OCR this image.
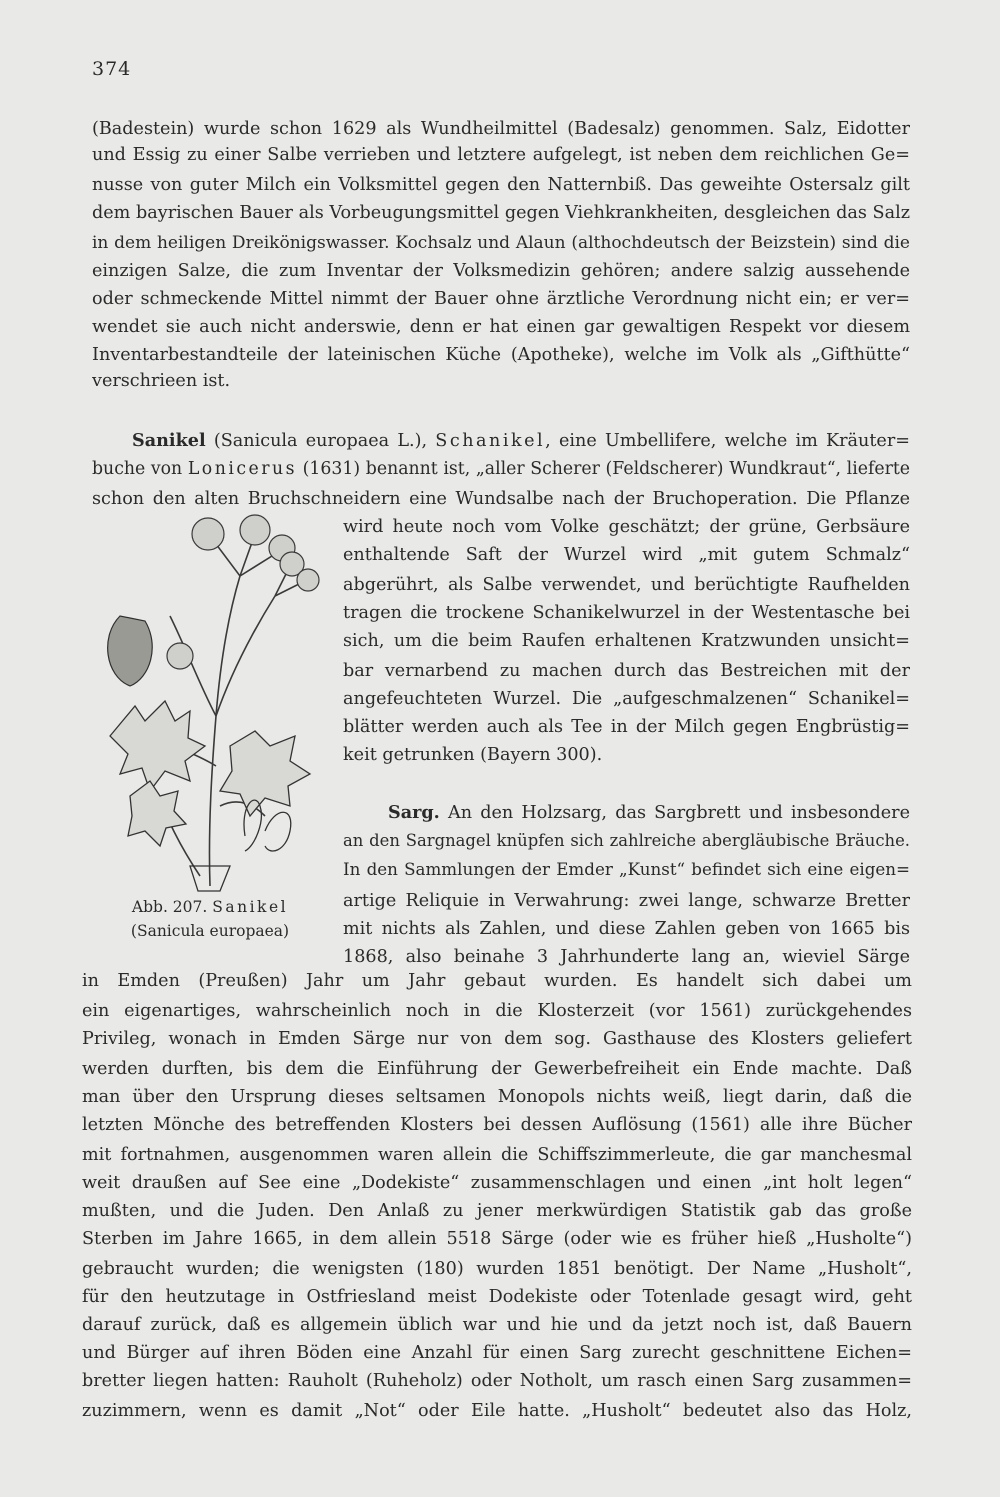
374
(Badestein) wurde schon 1629 als Wundheilmittel (Badesalz) genommen. Salz, Eidotter
und Essig zu einer Salbe verrieben und letztere aufgelegt, ist neben dem reichlichen Ge=
nusse von guter Milch ein Volksmittel gegen den Natternbiß. Das geweihte Ostersalz gilt
dem bayrischen Bauer als Vorbeugungsmittel gegen Viehkrankheiten, desgleichen das Salz
in dem heiligen Dreikönigswasser. Kochsalz und Alaun (althochdeutsch der Beizstein) sind die
einzigen Salze, die zum Inventar der Volksmedizin gehören; andere salzig aussehende
oder schmeckende Mittel nimmt der Bauer ohne ärztliche Verordnung nicht ein; er ver=
wendet sie auch nicht anderswie, denn er hat einen gar gewaltigen Respekt vor diesem
Inventarbestandteile der lateinischen Küche (Apotheke), welche im Volk als „Gifthütte“
verschrieen ist.
Sanikel (Sanicula europaea L.), Schanikel, eine Umbellifere, welche im Kräuter=
buche von Lonicerus (1631) benannt ist, „aller Scherer (Feldscherer) Wundkraut“, lieferte
schon den alten Bruchschneidern eine Wundsalbe nach der Bruchoperation. Die Pflanze
wird heute noch vom Volke geschätzt; der grüne, Gerbsäure
enthaltende Saft der Wurzel wird „mit gutem Schmalz“
abgerührt, als Salbe verwendet, und berüchtigte Raufhelden
tragen die trockene Schanikelwurzel in der Westentasche bei
sich, um die beim Raufen erhaltenen Kratzwunden unsicht=
bar vernarbend zu machen durch das Bestreichen mit der
angefeuchteten Wurzel. Die „aufgeschmalzenen“ Schanikel=
blätter werden auch als Tee in der Milch gegen Engbrüstig=
keit getrunken (Bayern 300).
Abb. 207. Sanikel
(Sanicula europaea)
Sarg. An den Holzsarg, das Sargbrett und insbesondere
an den Sargnagel knüpfen sich zahlreiche abergläubische Bräuche.
In den Sammlungen der Emder „Kunst“ befindet sich eine eigen=
artige Reliquie in Verwahrung: zwei lange, schwarze Bretter
mit nichts als Zahlen, und diese Zahlen geben von 1665 bis
1868, also beinahe 3 Jahrhunderte lang an, wieviel Särge
in Emden (Preußen) Jahr um Jahr gebaut wurden. Es handelt sich dabei um
ein eigenartiges, wahrscheinlich noch in die Klosterzeit (vor 1561) zurückgehendes
Privileg, wonach in Emden Särge nur von dem sog. Gasthause des Klosters geliefert
werden durften, bis dem die Einführung der Gewerbefreiheit ein Ende machte. Daß
man über den Ursprung dieses seltsamen Monopols nichts weiß, liegt darin, daß die
letzten Mönche des betreffenden Klosters bei dessen Auflösung (1561) alle ihre Bücher
mit fortnahmen, ausgenommen waren allein die Schiffszimmerleute, die gar manchesmal
weit draußen auf See eine „Dodekiste“ zusammenschlagen und einen „int holt legen“
mußten, und die Juden. Den Anlaß zu jener merkwürdigen Statistik gab das große
Sterben im Jahre 1665, in dem allein 5518 Särge (oder wie es früher hieß „Husholte“)
gebraucht wurden; die wenigsten (180) wurden 1851 benötigt. Der Name „Husholt“,
für den heutzutage in Ostfriesland meist Dodekiste oder Totenlade gesagt wird, geht
darauf zurück, daß es allgemein üblich war und hie und da jetzt noch ist, daß Bauern
und Bürger auf ihren Böden eine Anzahl für einen Sarg zurecht geschnittene Eichen=
bretter liegen hatten: Rauholt (Ruheholz) oder Notholt, um rasch einen Sarg zusammen=
zuzimmern, wenn es damit „Not“ oder Eile hatte. „Husholt“ bedeutet also das Holz,
